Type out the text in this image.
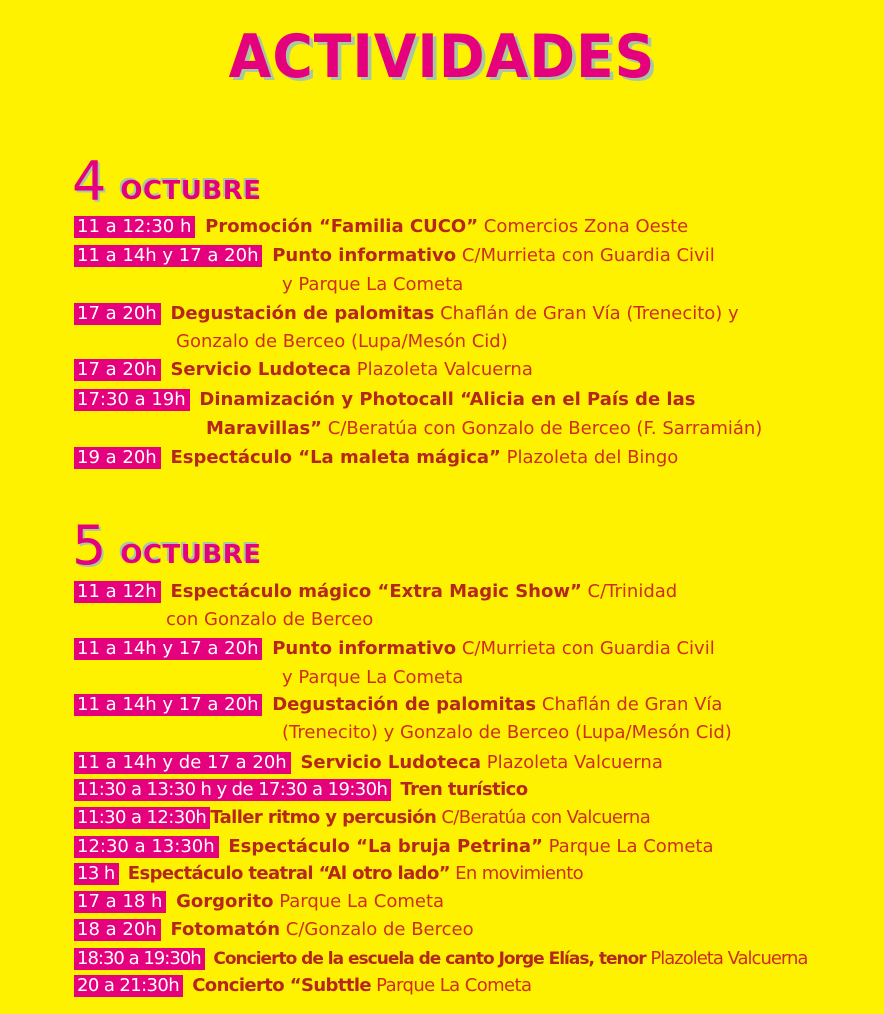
ACTIVIDADES
4 OCTUBRE
11 a 12:30 h Promoción “Familia CUCO” Comercios Zona Oeste
11 a 14h y 17 a 20h Punto informativo C/Murrieta con Guardia Civil
y Parque La Cometa
17 a 20h Degustación de palomitas Chaflán de Gran Vía (Trenecito) y
Gonzalo de Berceo (Lupa/Mesón Cid)
17 a 20h Servicio Ludoteca Plazoleta Valcuerna
17:30 a 19h Dinamización y Photocall “Alicia en el País de las
Maravillas” C/Beratúa con Gonzalo de Berceo (F. Sarramián)
19 a 20h Espectáculo “La maleta mágica” Plazoleta del Bingo
5 OCTUBRE
11 a 12h Espectáculo mágico “Extra Magic Show” C/Trinidad
con Gonzalo de Berceo
11 a 14h y 17 a 20h Punto informativo C/Murrieta con Guardia Civil
y Parque La Cometa
11 a 14h y 17 a 20h Degustación de palomitas Chaflán de Gran Vía
(Trenecito) y Gonzalo de Berceo (Lupa/Mesón Cid)
11 a 14h y de 17 a 20h Servicio Ludoteca Plazoleta Valcuerna
11:30 a 13:30 h y de 17:30 a 19:30h Tren turístico
11:30 a 12:30h Taller ritmo y percusión C/Beratúa con Valcuerna
12:30 a 13:30h Espectáculo “La bruja Petrina” Parque La Cometa
13 h Espectáculo teatral “Al otro lado” En movimiento
17 a 18 h Gorgorito Parque La Cometa
18 a 20h Fotomatón C/Gonzalo de Berceo
18:30 a 19:30h Concierto de la escuela de canto Jorge Elías, tenor Plazoleta Valcuerna
20 a 21:30h Concierto “Subttle Parque La Cometa
